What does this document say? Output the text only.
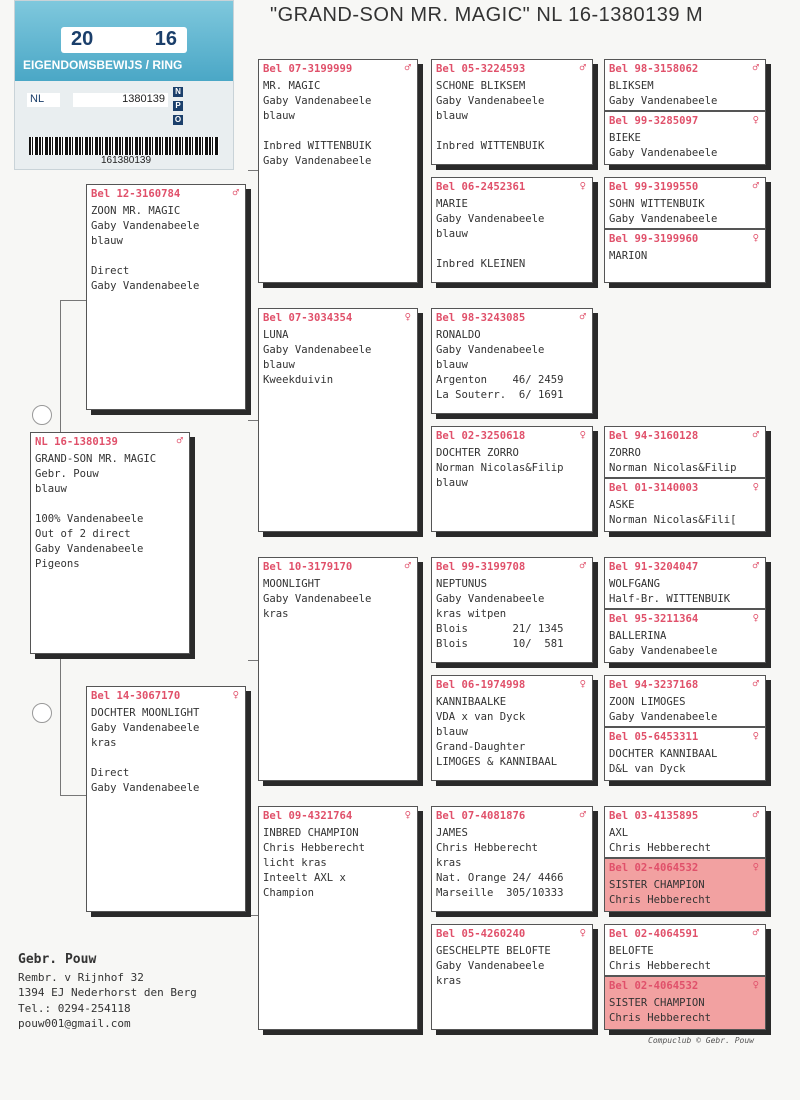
"GRAND-SON MR. MAGIC" NL 16-1380139 M
20	16
EIGENDOMSBEWIJS / RING
NL	1380139
N
P
O
161380139
NL 16-1380139	♂
GRAND-SON MR. MAGIC
Gebr. Pouw
blauw
100% Vandenabeele
Out of 2 direct
Gaby Vandenabeele
Pigeons
Bel 12-3160784	♂
ZOON MR. MAGIC
Gaby Vandenabeele
blauw
Direct
Gaby Vandenabeele
Bel 14-3067170	♀
DOCHTER MOONLIGHT
Gaby Vandenabeele
kras
Direct
Gaby Vandenabeele
Bel 07-3199999	♂
MR. MAGIC
Gaby Vandenabeele
blauw
Inbred WITTENBUIK
Gaby Vandenabeele
Bel 07-3034354	♀
LUNA
Gaby Vandenabeele
blauw
Kweekduivin
Bel 10-3179170	♂
MOONLIGHT
Gaby Vandenabeele
kras
Bel 09-4321764	♀
INBRED CHAMPION
Chris Hebberecht
licht kras
Inteelt AXL x
Champion
Bel 05-3224593	♂
SCHONE BLIKSEM
Gaby Vandenabeele
blauw
Inbred WITTENBUIK
Bel 06-2452361	♀
MARIE
Gaby Vandenabeele
blauw
Inbred KLEINEN
Bel 98-3243085	♂
RONALDO
Gaby Vandenabeele
blauw
Argenton    46/ 2459
La Souterr.  6/ 1691
Bel 02-3250618	♀
DOCHTER ZORRO
Norman Nicolas&Filip
blauw
Bel 99-3199708	♂
NEPTUNUS
Gaby Vandenabeele
kras witpen
Blois       21/ 1345
Blois       10/  581
Bel 06-1974998	♀
KANNIBAALKE
VDA x van Dyck
blauw
Grand-Daughter
LIMOGES & KANNIBAAL
Bel 07-4081876	♂
JAMES
Chris Hebberecht
kras
Nat. Orange 24/ 4466
Marseille  305/10333
Bel 05-4260240	♀
GESCHELPTE BELOFTE
Gaby Vandenabeele
kras
Bel 98-3158062	♂
BLIKSEM
Gaby Vandenabeele
Bel 99-3285097	♀
BIEKE
Gaby Vandenabeele
Bel 99-3199550	♂
SOHN WITTENBUIK
Gaby Vandenabeele
Bel 99-3199960	♀
MARION
Bel 94-3160128	♂
ZORRO
Norman Nicolas&Filip
Bel 01-3140003	♀
ASKE
Norman Nicolas&Fili[
Bel 91-3204047	♂
WOLFGANG
Half-Br. WITTENBUIK
Bel 95-3211364	♀
BALLERINA
Gaby Vandenabeele
Bel 94-3237168	♂
ZOON LIMOGES
Gaby Vandenabeele
Bel 05-6453311	♀
DOCHTER KANNIBAAL
D&L van Dyck
Bel 03-4135895	♂
AXL
Chris Hebberecht
Bel 02-4064532	♀
SISTER CHAMPION
Chris Hebberecht
Bel 02-4064591	♂
BELOFTE
Chris Hebberecht
Bel 02-4064532	♀
SISTER CHAMPION
Chris Hebberecht
Gebr. Pouw
Rembr. v Rijnhof 32
1394 EJ Nederhorst den Berg
Tel.: 0294-254118
pouw001@gmail.com
Compuclub © Gebr. Pouw
